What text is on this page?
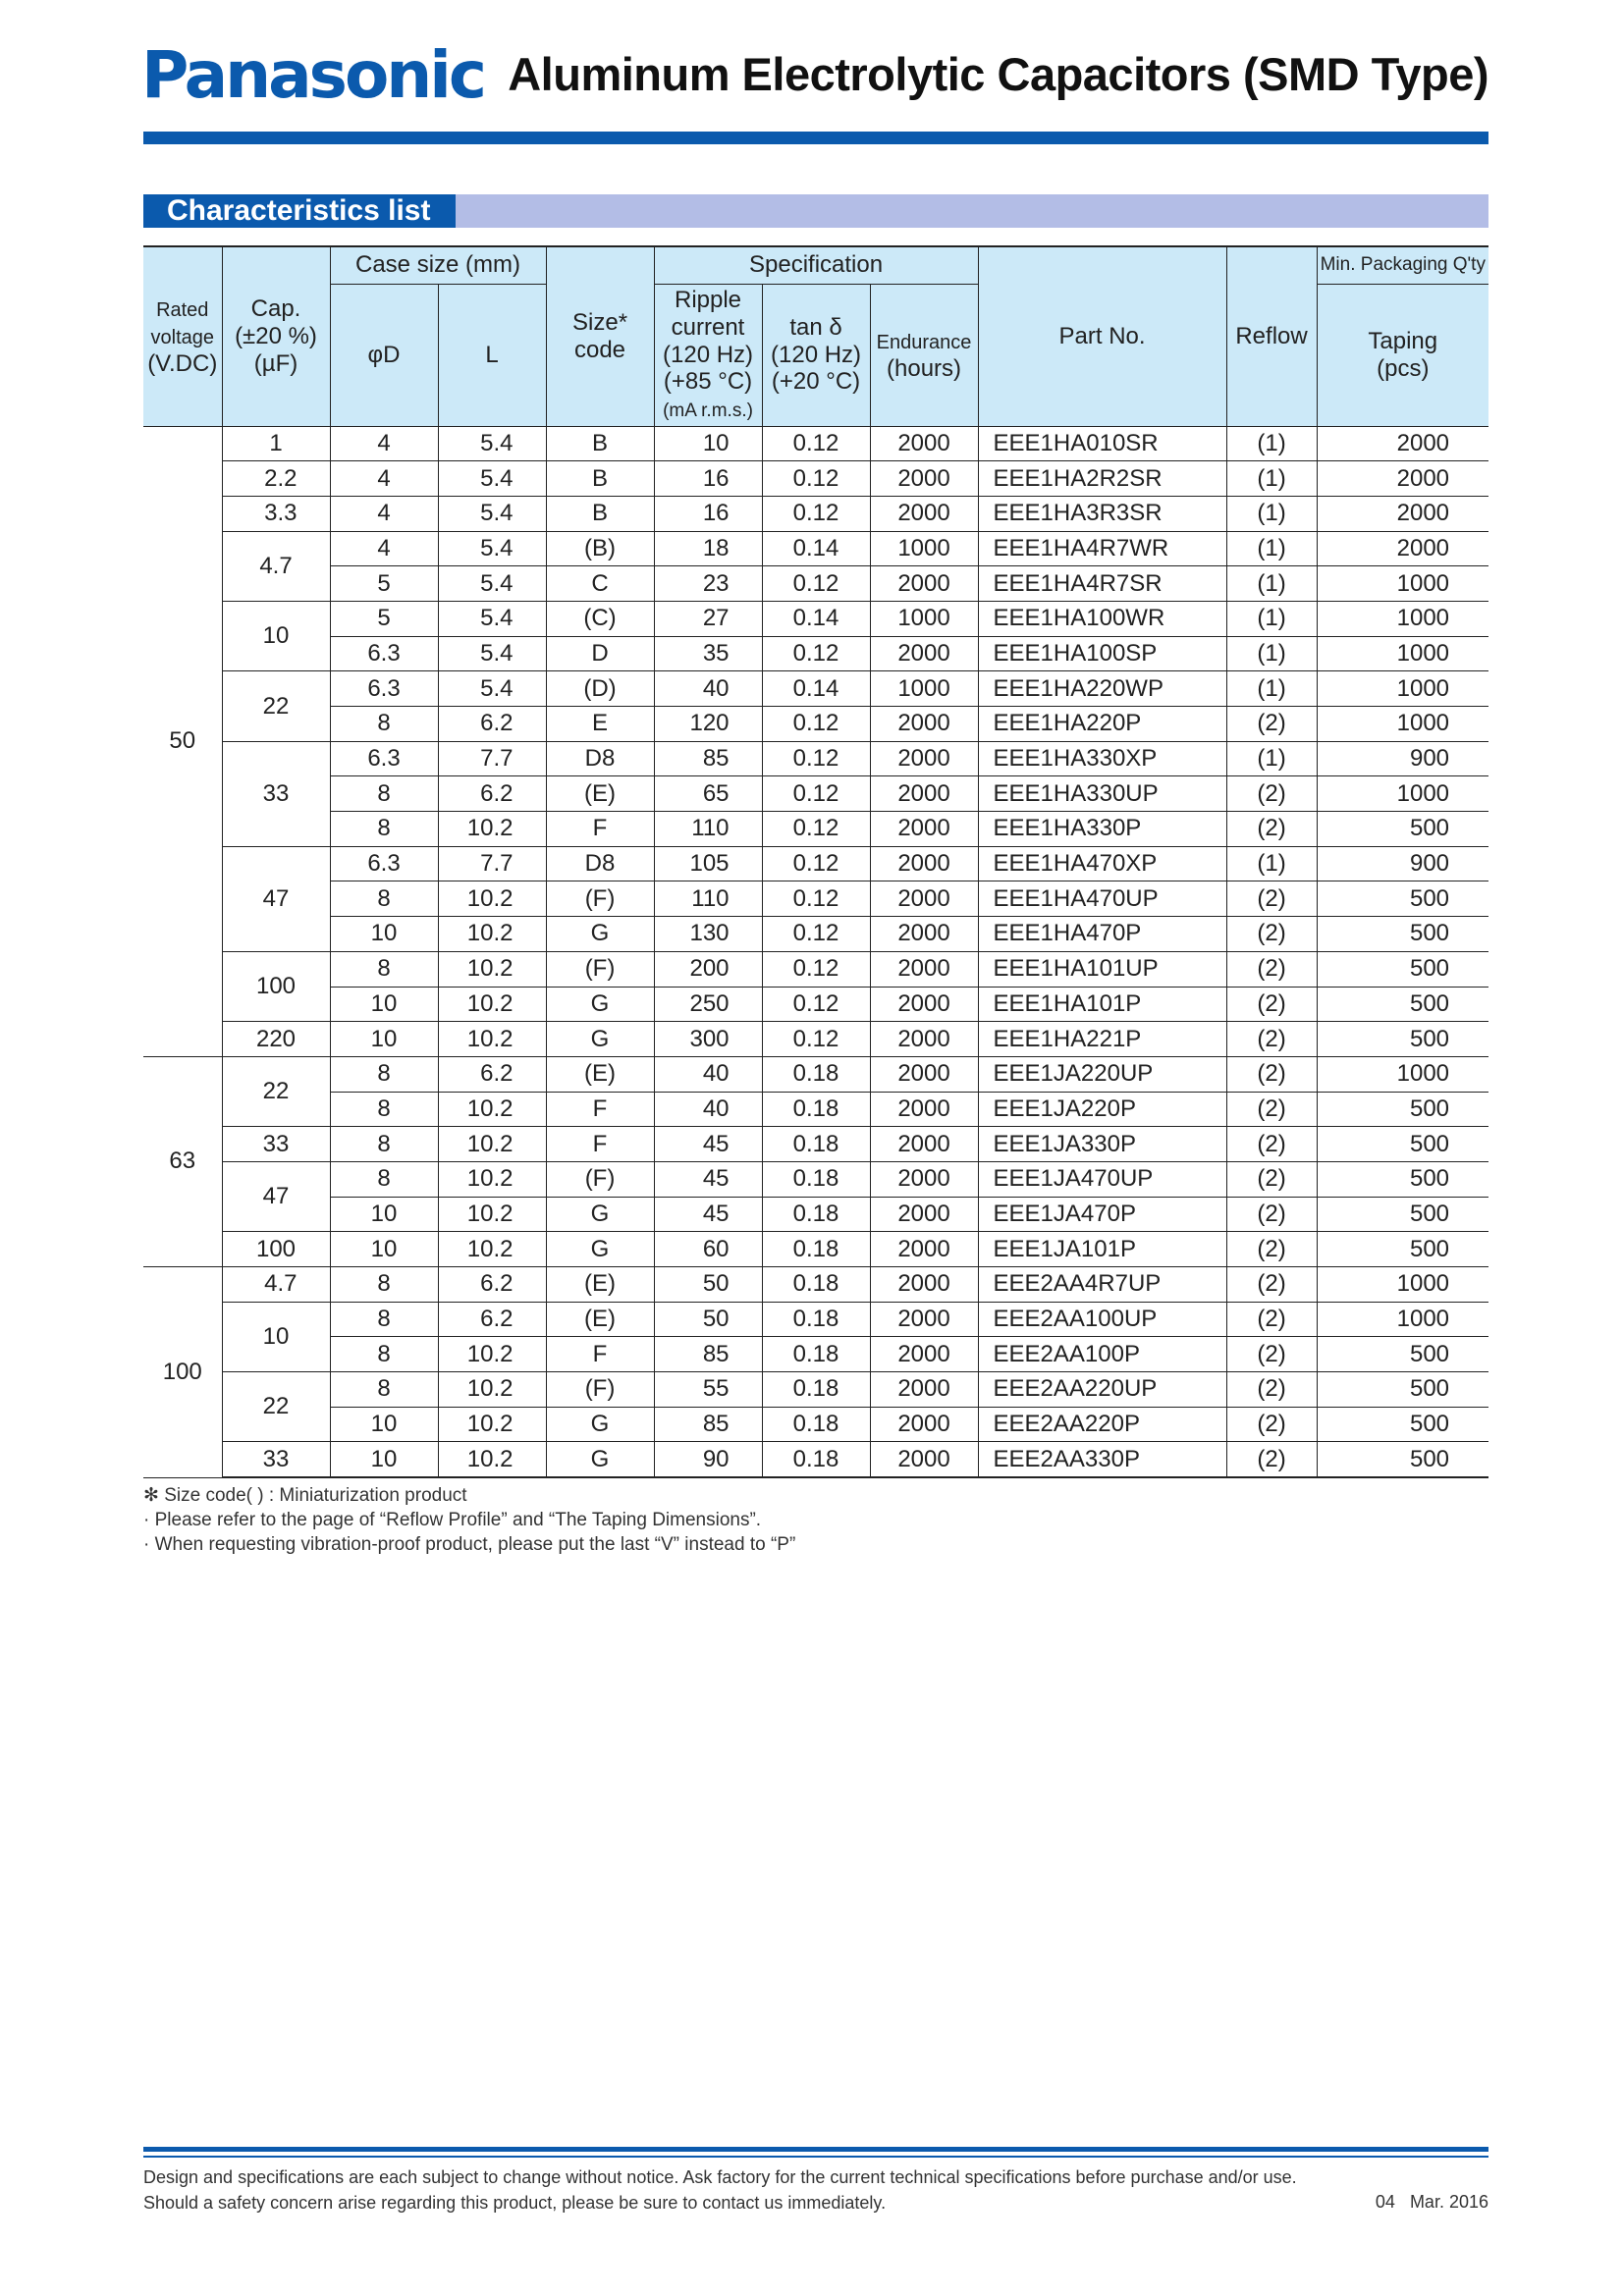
Panasonic Aluminum Electrolytic Capacitors (SMD Type)
Characteristics list
Rated
voltage
(V.DC)	Cap.
(±20 %)
(µF)	Case size (mm)		Size*
code	Specification			Part No.	Reflow	Min. Packaging Q'ty
		φD	L		Ripple
current
(120 Hz)
(+85 °C)
(mA r.m.s.)	tan δ
(120 Hz)
(+20 °C)	Endurance
(hours)			Taping
(pcs)
50	1	4	5.4	B	10	0.12	2000	EEE1HA010SR	(1)	2000
	2.2	4	5.4	B	16	0.12	2000	EEE1HA2R2SR	(1)	2000
	3.3	4	5.4	B	16	0.12	2000	EEE1HA3R3SR	(1)	2000
	4.7	4	5.4	(B)	18	0.14	1000	EEE1HA4R7WR	(1)	2000
		5	5.4	C	23	0.12	2000	EEE1HA4R7SR	(1)	1000
	10	5	5.4	(C)	27	0.14	1000	EEE1HA100WR	(1)	1000
		6.3	5.4	D	35	0.12	2000	EEE1HA100SP	(1)	1000
	22	6.3	5.4	(D)	40	0.14	1000	EEE1HA220WP	(1)	1000
		8	6.2	E	120	0.12	2000	EEE1HA220P	(2)	1000
	33	6.3	7.7	D8	85	0.12	2000	EEE1HA330XP	(1)	900
		8	6.2	(E)	65	0.12	2000	EEE1HA330UP	(2)	1000
		8	10.2	F	110	0.12	2000	EEE1HA330P	(2)	500
	47	6.3	7.7	D8	105	0.12	2000	EEE1HA470XP	(1)	900
		8	10.2	(F)	110	0.12	2000	EEE1HA470UP	(2)	500
		10	10.2	G	130	0.12	2000	EEE1HA470P	(2)	500
	100	8	10.2	(F)	200	0.12	2000	EEE1HA101UP	(2)	500
		10	10.2	G	250	0.12	2000	EEE1HA101P	(2)	500
	220	10	10.2	G	300	0.12	2000	EEE1HA221P	(2)	500
63	22	8	6.2	(E)	40	0.18	2000	EEE1JA220UP	(2)	1000
		8	10.2	F	40	0.18	2000	EEE1JA220P	(2)	500
	33	8	10.2	F	45	0.18	2000	EEE1JA330P	(2)	500
	47	8	10.2	(F)	45	0.18	2000	EEE1JA470UP	(2)	500
		10	10.2	G	45	0.18	2000	EEE1JA470P	(2)	500
	100	10	10.2	G	60	0.18	2000	EEE1JA101P	(2)	500
100	4.7	8	6.2	(E)	50	0.18	2000	EEE2AA4R7UP	(2)	1000
	10	8	6.2	(E)	50	0.18	2000	EEE2AA100UP	(2)	1000
		8	10.2	F	85	0.18	2000	EEE2AA100P	(2)	500
	22	8	10.2	(F)	55	0.18	2000	EEE2AA220UP	(2)	500
		10	10.2	G	85	0.18	2000	EEE2AA220P	(2)	500
	33	10	10.2	G	90	0.18	2000	EEE2AA330P	(2)	500
✻ Size code( ) : Miniaturization product
· Please refer to the page of “Reflow Profile” and “The Taping Dimensions”.
· When requesting vibration-proof product, please put the last “V” instead to “P”
Design and specifications are each subject to change without notice. Ask factory for the current technical specifications before purchase and/or use.
Should a safety concern arise regarding this product, please be sure to contact us immediately.	04 Mar. 2016
